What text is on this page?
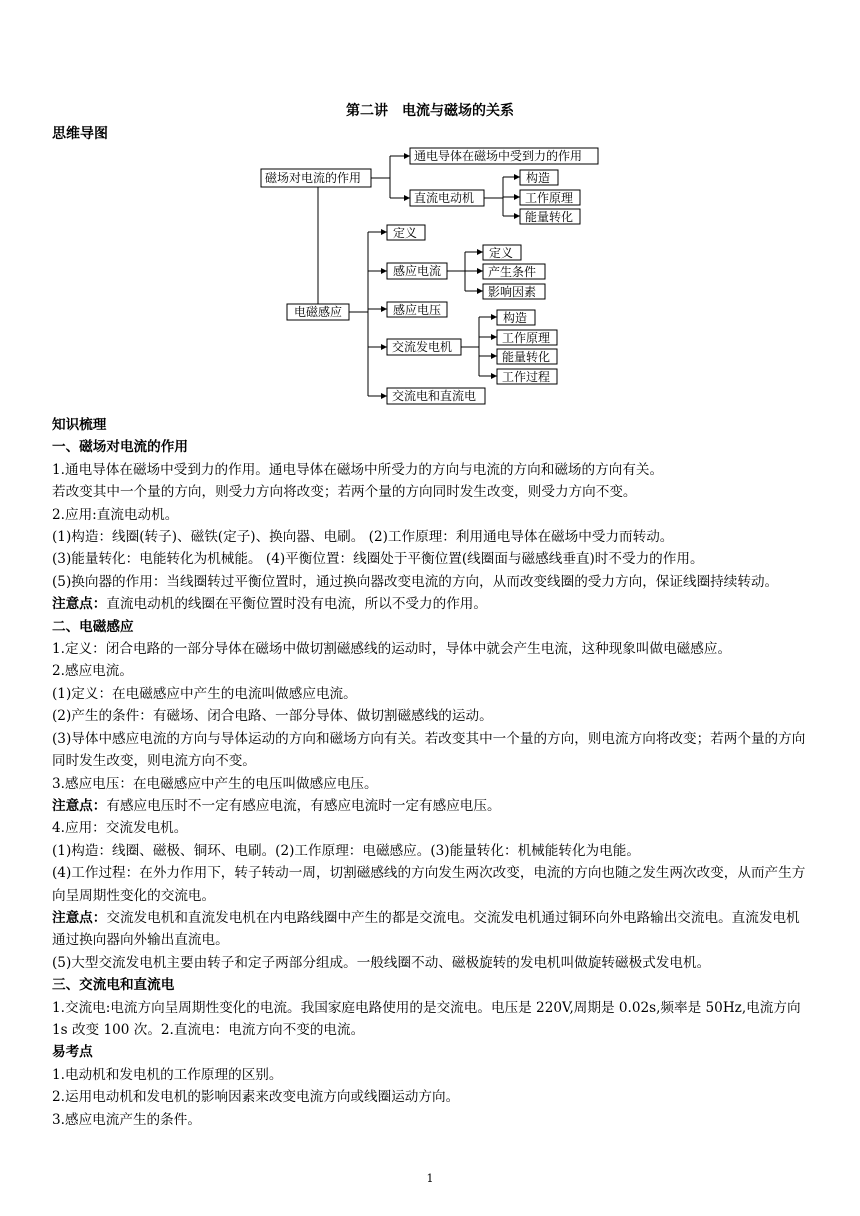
第二讲　电流与磁场的关系
思维导图
磁场对电流的作用
通电导体在磁场中受到力的作用
直流电动机
构造
工作原理
能量转化
电磁感应
定义
感应电流
定义
产生条件
影响因素
感应电压
交流发电机
构造
工作原理
能量转化
工作过程
交流电和直流电

知识梳理

一、磁场对电流的作用

1.通电导体在磁场中受到力的作用。通电导体在磁场中所受力的方向与电流的方向和磁场的方向有关。

若改变其中一个量的方向，则受力方向将改变；若两个量的方向同时发生改变，则受力方向不变。

2.应用:直流电动机。

(1)构造：线圈(转子)、磁铁(定子)、换向器、电刷。 (2)工作原理：利用通电导体在磁场中受力而转动。

(3)能量转化：电能转化为机械能。 (4)平衡位置：线圈处于平衡位置(线圈面与磁感线垂直)时不受力的作用。

(5)换向器的作用：当线圈转过平衡位置时，通过换向器改变电流的方向，从而改变线圈的受力方向，保证线圈持续转动。

注意点：直流电动机的线圈在平衡位置时没有电流，所以不受力的作用。

二、电磁感应

1.定义：闭合电路的一部分导体在磁场中做切割磁感线的运动时，导体中就会产生电流，这种现象叫做电磁感应。

2.感应电流。

(1)定义：在电磁感应中产生的电流叫做感应电流。

(2)产生的条件：有磁场、闭合电路、一部分导体、做切割磁感线的运动。

(3)导体中感应电流的方向与导体运动的方向和磁场方向有关。若改变其中一个量的方向，则电流方向将改变；若两个量的方向同时发生改变，则电流方向不变。

3.感应电压：在电磁感应中产生的电压叫做感应电压。

注意点：有感应电压时不一定有感应电流，有感应电流时一定有感应电压。

4.应用：交流发电机。

(1)构造：线圈、磁极、铜环、电刷。(2)工作原理：电磁感应。(3)能量转化：机械能转化为电能。

(4)工作过程：在外力作用下，转子转动一周，切割磁感线的方向发生两次改变，电流的方向也随之发生两次改变，从而产生方向呈周期性变化的交流电。

注意点：交流发电机和直流发电机在内电路线圈中产生的都是交流电。交流发电机通过铜环向外电路输出交流电。直流发电机通过换向器向外输出直流电。

(5)大型交流发电机主要由转子和定子两部分组成。一般线圈不动、磁极旋转的发电机叫做旋转磁极式发电机。

三、交流电和直流电

1.交流电:电流方向呈周期性变化的电流。我国家庭电路使用的是交流电。电压是 220V,周期是 0.02s,频率是 50Hz,电流方向 1s 改变 100 次。2.直流电：电流方向不变的电流。

易考点

1.电动机和发电机的工作原理的区别。

2.运用电动机和发电机的影响因素来改变电流方向或线圈运动方向。

3.感应电流产生的条件。

1
